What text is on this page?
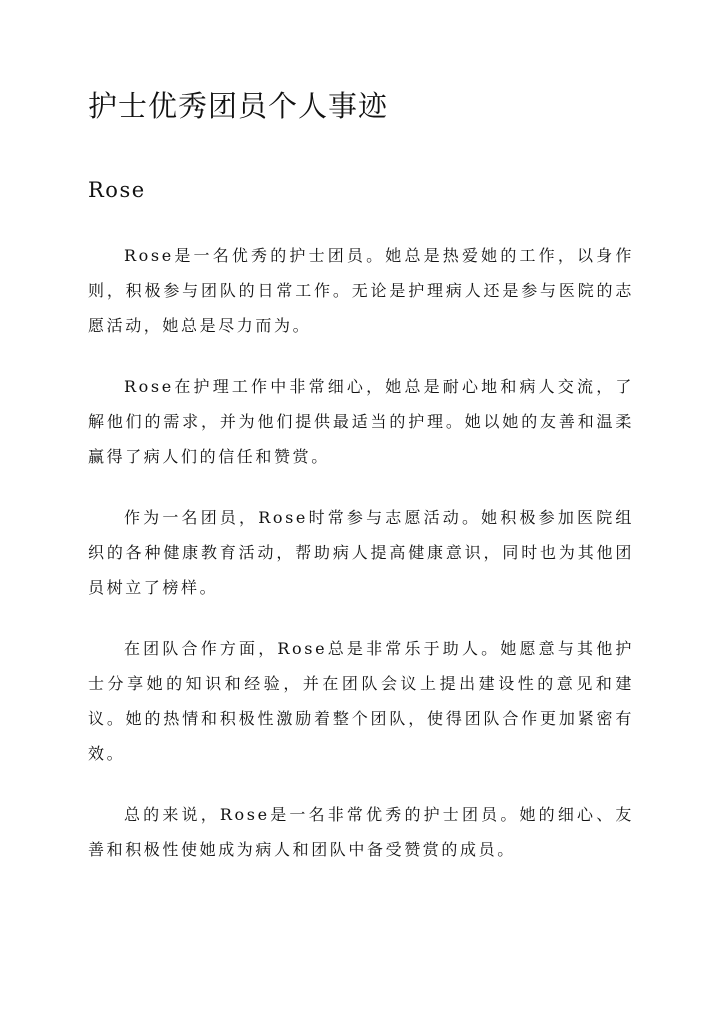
护士优秀团员个人事迹
Rose

Rose是一名优秀的护士团员。她总是热爱她的工作，以身作则，积极参与团队的日常工作。无论是护理病人还是参与医院的志愿活动，她总是尽力而为。

Rose在护理工作中非常细心，她总是耐心地和病人交流，了解他们的需求，并为他们提供最适当的护理。她以她的友善和温柔赢得了病人们的信任和赞赏。

作为一名团员，Rose时常参与志愿活动。她积极参加医院组织的各种健康教育活动，帮助病人提高健康意识，同时也为其他团员树立了榜样。

在团队合作方面，Rose总是非常乐于助人。她愿意与其他护士分享她的知识和经验，并在团队会议上提出建设性的意见和建议。她的热情和积极性激励着整个团队，使得团队合作更加紧密有效。

总的来说，Rose是一名非常优秀的护士团员。她的细心、友善和积极性使她成为病人和团队中备受赞赏的成员。
